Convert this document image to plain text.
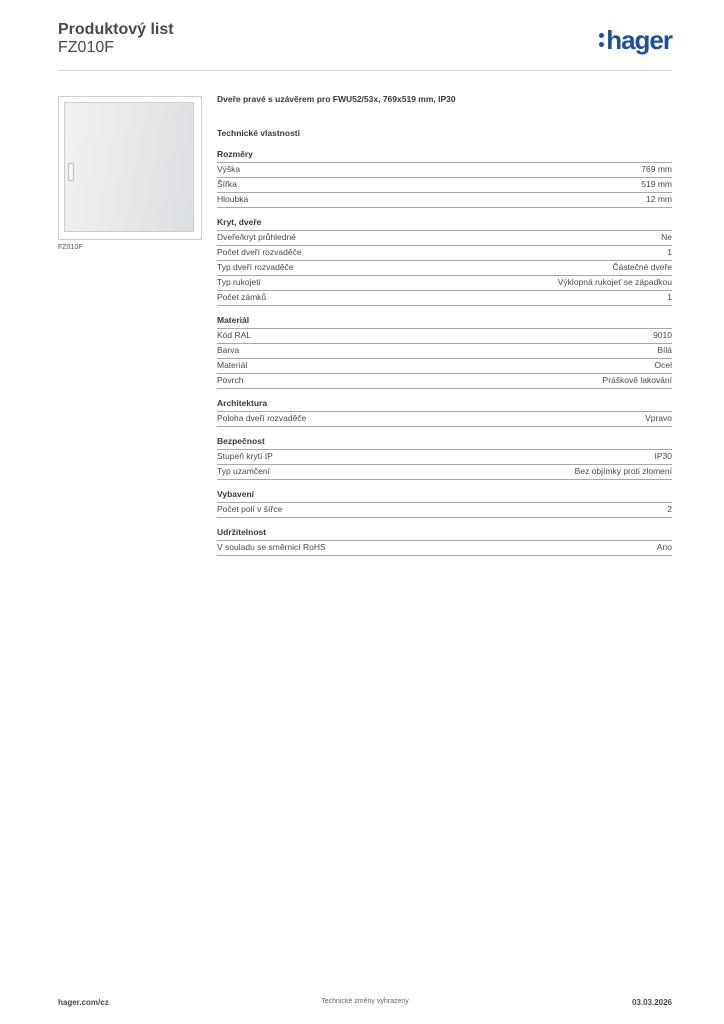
Produktový list
FZ010F	hager
FZ010F
Dveře pravé s uzávěrem pro FWU52/53x, 769x519 mm, IP30
Technické vlastnosti
Rozměry
Výška	769 mm
Šířka	519 mm
Hloubka	12 mm
Kryt, dveře
Dveře/kryt průhledné	Ne
Počet dveří rozvaděče	1
Typ dveří rozvaděče	Částečné dveře
Typ rukojeti	Výklopná rukojeť se západkou
Počet zámků	1
Materiál
Kód RAL	9010
Barva	Bílá
Materiál	Ocel
Povrch	Práškově lakování
Architektura
Poloha dveří rozvaděče	Vpravo
Bezpečnost
Stupeň krytí IP	IP30
Typ uzamčení	Bez objímky proti zlomení
Vybavení
Počet polí v šířce	2
Udržitelnost
V souladu se směrnicí RoHS	Ano
hager.com/cz	Technické změny vyhrazeny	03.03.2026
